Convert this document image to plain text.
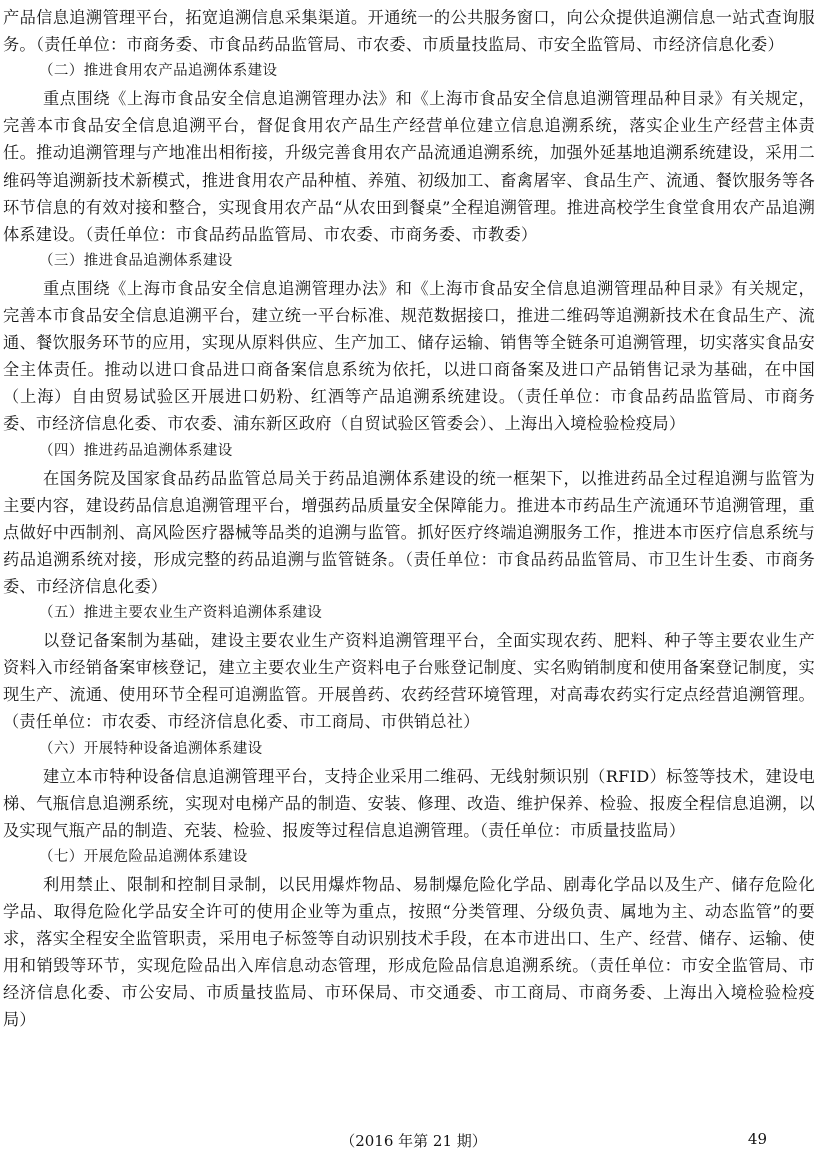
产品信息追溯管理平台，拓宽追溯信息采集渠道。开通统一的公共服务窗口，向公众提供追溯信息一站式查询服务。（责任单位：市商务委、市食品药品监管局、市农委、市质量技监局、市安全监管局、市经济信息化委）

（二）推进食用农产品追溯体系建设

重点围绕《上海市食品安全信息追溯管理办法》和《上海市食品安全信息追溯管理品种目录》有关规定，完善本市食品安全信息追溯平台，督促食用农产品生产经营单位建立信息追溯系统，落实企业生产经营主体责任。推动追溯管理与产地准出相衔接，升级完善食用农产品流通追溯系统，加强外延基地追溯系统建设，采用二维码等追溯新技术新模式，推进食用农产品种植、养殖、初级加工、畜禽屠宰、食品生产、流通、餐饮服务等各环节信息的有效对接和整合，实现食用农产品“从农田到餐桌”全程追溯管理。推进高校学生食堂食用农产品追溯体系建设。（责任单位：市食品药品监管局、市农委、市商务委、市教委）

（三）推进食品追溯体系建设

重点围绕《上海市食品安全信息追溯管理办法》和《上海市食品安全信息追溯管理品种目录》有关规定，完善本市食品安全信息追溯平台，建立统一平台标准、规范数据接口，推进二维码等追溯新技术在食品生产、流通、餐饮服务环节的应用，实现从原料供应、生产加工、储存运输、销售等全链条可追溯管理，切实落实食品安全主体责任。推动以进口食品进口商备案信息系统为依托，以进口商备案及进口产品销售记录为基础，在中国（上海）自由贸易试验区开展进口奶粉、红酒等产品追溯系统建设。（责任单位：市食品药品监管局、市商务委、市经济信息化委、市农委、浦东新区政府（自贸试验区管委会）、上海出入境检验检疫局）

（四）推进药品追溯体系建设

在国务院及国家食品药品监管总局关于药品追溯体系建设的统一框架下，以推进药品全过程追溯与监管为主要内容，建设药品信息追溯管理平台，增强药品质量安全保障能力。推进本市药品生产流通环节追溯管理，重点做好中西制剂、高风险医疗器械等品类的追溯与监管。抓好医疗终端追溯服务工作，推进本市医疗信息系统与药品追溯系统对接，形成完整的药品追溯与监管链条。（责任单位：市食品药品监管局、市卫生计生委、市商务委、市经济信息化委）

（五）推进主要农业生产资料追溯体系建设

以登记备案制为基础，建设主要农业生产资料追溯管理平台，全面实现农药、肥料、种子等主要农业生产资料入市经销备案审核登记，建立主要农业生产资料电子台账登记制度、实名购销制度和使用备案登记制度，实现生产、流通、使用环节全程可追溯监管。开展兽药、农药经营环境管理，对高毒农药实行定点经营追溯管理。（责任单位：市农委、市经济信息化委、市工商局、市供销总社）

（六）开展特种设备追溯体系建设

建立本市特种设备信息追溯管理平台，支持企业采用二维码、无线射频识别（RFID）标签等技术，建设电梯、气瓶信息追溯系统，实现对电梯产品的制造、安装、修理、改造、维护保养、检验、报废全程信息追溯，以及实现气瓶产品的制造、充装、检验、报废等过程信息追溯管理。（责任单位：市质量技监局）

（七）开展危险品追溯体系建设

利用禁止、限制和控制目录制，以民用爆炸物品、易制爆危险化学品、剧毒化学品以及生产、储存危险化学品、取得危险化学品安全许可的使用企业等为重点，按照“分类管理、分级负责、属地为主、动态监管”的要求，落实全程安全监管职责，采用电子标签等自动识别技术手段，在本市进出口、生产、经营、储存、运输、使用和销毁等环节，实现危险品出入库信息动态管理，形成危险品信息追溯系统。（责任单位：市安全监管局、市经济信息化委、市公安局、市质量技监局、市环保局、市交通委、市工商局、市商务委、上海出入境检验检疫局）

（2016 年第 21 期）	49
